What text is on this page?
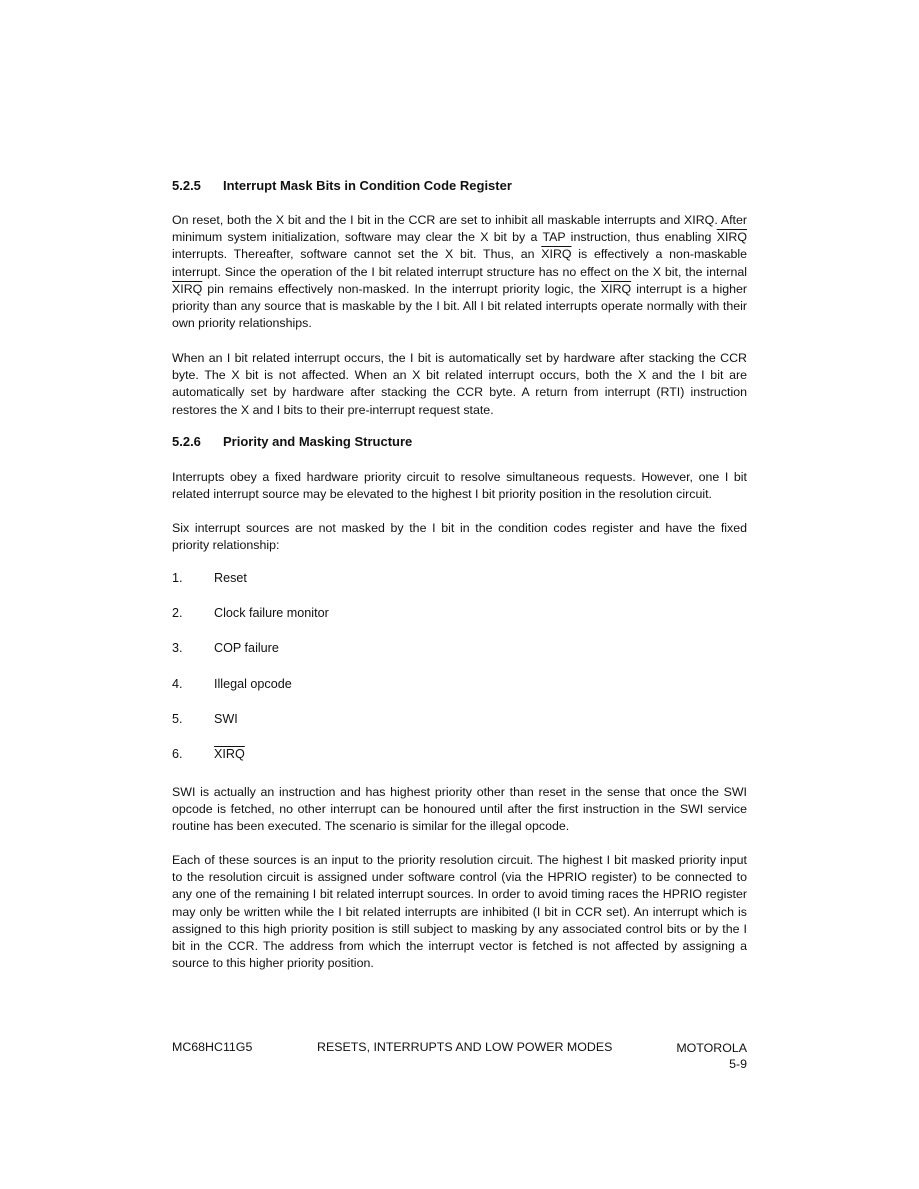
5.2.5 Interrupt Mask Bits in Condition Code Register
On reset, both the X bit and the I bit in the CCR are set to inhibit all maskable interrupts and XIRQ. After minimum system initialization, software may clear the X bit by a TAP instruction, thus enabling XIRQ interrupts. Thereafter, software cannot set the X bit. Thus, an XIRQ is effectively a non-maskable interrupt. Since the operation of the I bit related interrupt structure has no effect on the X bit, the internal XIRQ pin remains effectively non-masked. In the interrupt priority logic, the XIRQ interrupt is a higher priority than any source that is maskable by the I bit. All I bit related interrupts operate normally with their own priority relationships.
When an I bit related interrupt occurs, the I bit is automatically set by hardware after stacking the CCR byte. The X bit is not affected. When an X bit related interrupt occurs, both the X and the I bit are automatically set by hardware after stacking the CCR byte. A return from interrupt (RTI) instruction restores the X and I bits to their pre-interrupt request state.
5.2.6 Priority and Masking Structure
Interrupts obey a fixed hardware priority circuit to resolve simultaneous requests. However, one I bit related interrupt source may be elevated to the highest I bit priority position in the resolution circuit.
Six interrupt sources are not masked by the I bit in the condition codes register and have the fixed priority relationship:
1. Reset
2. Clock failure monitor
3. COP failure
4. Illegal opcode
5. SWI
6. XIRQ
SWI is actually an instruction and has highest priority other than reset in the sense that once the SWI opcode is fetched, no other interrupt can be honoured until after the first instruction in the SWI service routine has been executed. The scenario is similar for the illegal opcode.
Each of these sources is an input to the priority resolution circuit. The highest I bit masked priority input to the resolution circuit is assigned under software control (via the HPRIO register) to be connected to any one of the remaining I bit related interrupt sources. In order to avoid timing races the HPRIO register may only be written while the I bit related interrupts are inhibited (I bit in CCR set). An interrupt which is assigned to this high priority position is still subject to masking by any associated control bits or by the I bit in the CCR. The address from which the interrupt vector is fetched is not affected by assigning a source to this higher priority position.
MC68HC11G5	RESETS, INTERRUPTS AND LOW POWER MODES	MOTOROLA
5-9
